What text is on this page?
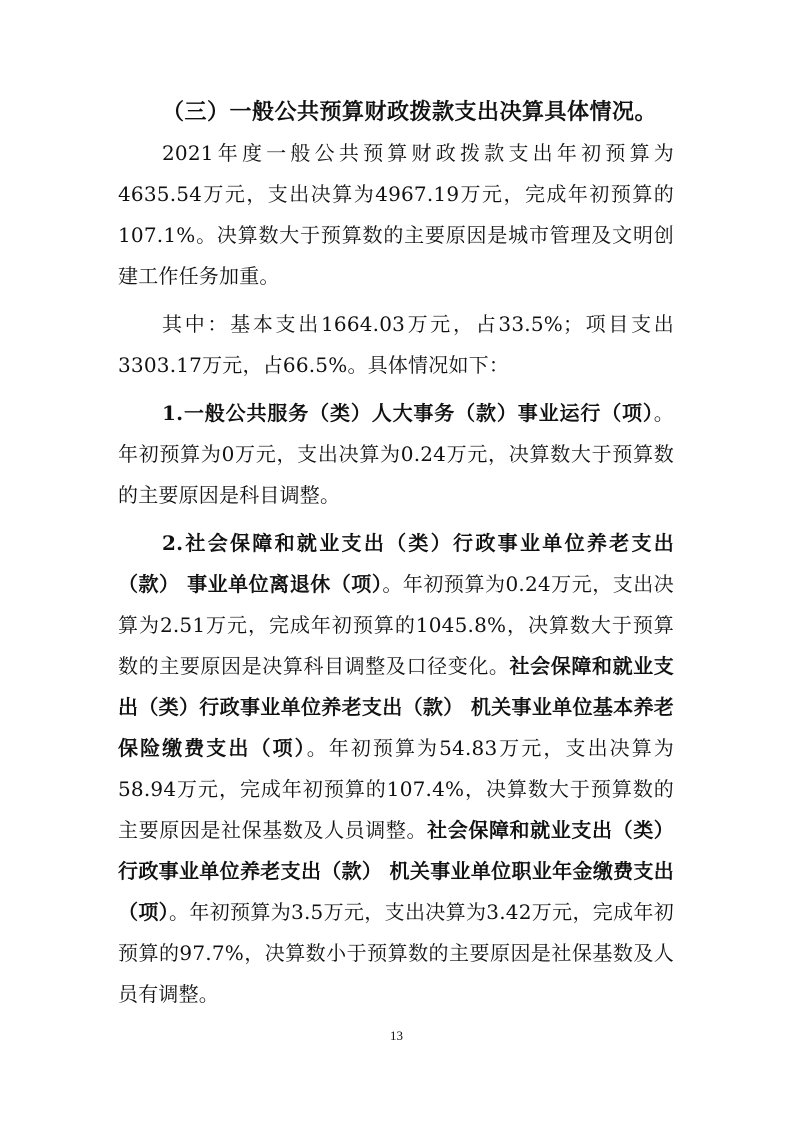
（三）一般公共预算财政拨款支出决算具体情况。

2021年度一般公共预算财政拨款支出年初预算为4635.54万元，支出决算为4967.19万元，完成年初预算的107.1%。决算数大于预算数的主要原因是城市管理及文明创建工作任务加重。

其中：基本支出1664.03万元，占33.5%；项目支出3303.17万元，占66.5%。具体情况如下：

1.一般公共服务（类）人大事务（款）事业运行（项）。年初预算为0万元，支出决算为0.24万元，决算数大于预算数的主要原因是科目调整。

2.社会保障和就业支出（类）行政事业单位养老支出（款） 事业单位离退休（项）。年初预算为0.24万元，支出决算为2.51万元，完成年初预算的1045.8%，决算数大于预算数的主要原因是决算科目调整及口径变化。社会保障和就业支出（类）行政事业单位养老支出（款） 机关事业单位基本养老保险缴费支出（项）。年初预算为54.83万元，支出决算为58.94万元，完成年初预算的107.4%，决算数大于预算数的主要原因是社保基数及人员调整。社会保障和就业支出（类）行政事业单位养老支出（款） 机关事业单位职业年金缴费支出（项）。年初预算为3.5万元，支出决算为3.42万元，完成年初预算的97.7%，决算数小于预算数的主要原因是社保基数及人员有调整。

13
